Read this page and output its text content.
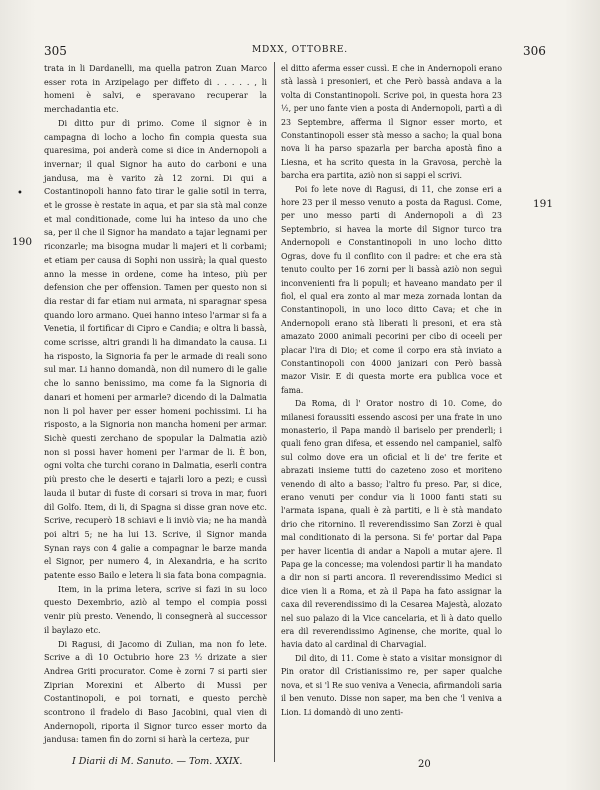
305	MDXX, OTTOBRE.	306
•
190
191

trata in li Dardanelli, ma quella patron Zuan Marco esser rota in Arzipelago per diffeto di . . . . . , li homeni è salvi, e speravano recuperar la merchadantia etc.

Di ditto pur di primo. Come il signor è in campagna di locho a locho fin compia questa sua quaresima, poi anderà come si dice in Andernopoli a invernar; il qual Signor ha auto do carboni e una jandusa, ma è varito zà 12 zorni. Di qui a Costantinopoli hanno fato tirar le galie sotil in terra, et le grosse è restate in aqua, et par sia stà mal conze et mal conditionade, come lui ha inteso da uno che sa, per il che il Signor ha mandato a tajar legnami per riconzarle; ma bisogna mudar li majeri et li corbami; et etiam per causa di Sophi non ussirà; la qual questo anno la messe in ordene, come ha inteso, più per defension che per offension. Tamen per questo non si dia restar di far etiam nui armata, ni sparagnar spesa quando loro armano. Quei hanno inteso l'armar si fa a Venetia, il fortificar di Cipro e Candia; e oltra li bassà, come scrisse, altri grandi li ha dimandato la causa. Li ha risposto, la Signoria fa per le armade di reali sono sul mar. Li hanno domandà, non dil numero di le galie che lo sanno benissimo, ma come fa la Signoria di danari et homeni per armarle? dicendo di la Dalmatia non li pol haver per esser homeni pochissimi. Li ha risposto, a la Signoria non mancha homeni per armar. Sichè questi zerchano de spopular la Dalmatia aziò non si possi haver homeni per l'armar de li. È bon, ogni volta che turchi corano in Dalmatia, eserli contra più presto che le deserti e tajarli loro a pezi; e cussì lauda il butar di fuste di corsari si trova in mar, fuori dil Golfo. Item, di li, di Spagna si disse gran nove etc. Scrive, recuperò 18 schiavi e li inviò via; ne ha mandà poi altri 5; ne ha lui 13. Scrive, il Signor manda Synan rays con 4 galie a compagnar le barze manda el Signor, per numero 4, in Alexandria, e ha scrito patente esso Bailo e letera li sia fata bona compagnia.

Item, in la prima letera, scrive si fazi in su loco questo Dexembrio, aziò al tempo el compia possi venir più presto. Venendo, li consegnerà al successor il baylazo etc.

Di Ragusi, di Jacomo di Zulian, ma non fo lete. Scrive a dì 10 Octubrio hore 23 ½ drizate a sier Andrea Griti procurator. Come è zorni 7 si parti sier Ziprian Morexini et Alberto di Mussi per Costantinopoli, e poi tornati, e questo perchè scontrono il fradelo di Baso Jacobini, qual vien di Andernopoli, riporta il Signor turco esser morto da jandusa: tamen fin do zorni si harà la certeza, pur

el ditto aferma esser cussì. E che in Andernopoli erano stà lassà i presonieri, et che Però bassà andava a la volta di Constantinopoli. Scrive poi, in questa hora 23 ½, per uno fante vien a posta di Andernopoli, partì a dì 23 Septembre, afferma il Signor esser morto, et Constantinopoli esser stà messo a sacho; la qual bona nova li ha parso spazarla per barcha apostà fino a Liesna, et ha scrito questa in la Gravosa, perchè la barcha era partita, aziò non si sappi el scrivi.

Poi fo lete nove di Ragusi, di 11, che zonse eri a hore 23 per il messo venuto a posta da Ragusi. Come, per uno messo parti di Andernopoli a dì 23 Septembrio, si havea la morte dil Signor turco tra Andernopoli e Constantinopoli in uno locho ditto Ogras, dove fu il conflito con il padre: et che era stà tenuto coulto per 16 zorni per li bassà aziò non seguì inconvenienti fra li populi; et haveano mandato per il fiol, el qual era zonto al mar meza zornada lontan da Constantinopoli, in uno loco ditto Cava; et che in Andernopoli erano stà liberati li presoni, et era stà amazato 2000 animali pecorini per cibo di oceeli per placar l'ira di Dio; et come il corpo era stà inviato a Constantinopoli con 4000 janizari con Però bassà mazor Visir. E di questa morte era publica voce et fama.

Da Roma, di l' Orator nostro di 10. Come, do milanesi foraussiti essendo ascosi per una frate in uno monasterio, il Papa mandò il bariselo per prenderli; i quali feno gran difesa, et essendo nel campaniel, salfò sul colmo dove era un oficial et li de' tre ferite et abrazati insieme tutti do cazeteno zoso et moriteno venendo di alto a basso; l'altro fu preso. Par, si dice, erano venuti per condur via li 1000 fanti stati su l'armata ispana, quali è zà partiti, e li è stà mandato drio che ritornino. Il reverendissimo San Zorzi è qual mal conditionato di la persona. Si fe' portar dal Papa per haver licentia di andar a Napoli a mutar ajere. Il Papa ge la concesse; ma volendosi partir li ha mandato a dir non si parti ancora. Il reverendissimo Medici si dice vien li a Roma, et zà il Papa ha fato assignar la caxa dil reverendissimo di la Cesarea Majestà, alozato nel suo palazo di la Vice cancelaria, et lì à dato quello era dil reverendissimo Aginense, che morite, qual lo havia dato al cardinal di Charvagial.

Dil dito, di 11. Come è stato a visitar monsignor di Pin orator dil Cristianissimo re, per saper qualche nova, et si 'l Re suo veniva a Venecia, afirmandoli saria il ben venuto. Disse non saper, ma ben che 'l veniva a Lion. Li domandò di uno zenti-

I Diarii di M. Sanuto. — Tom. XXIX.	20
